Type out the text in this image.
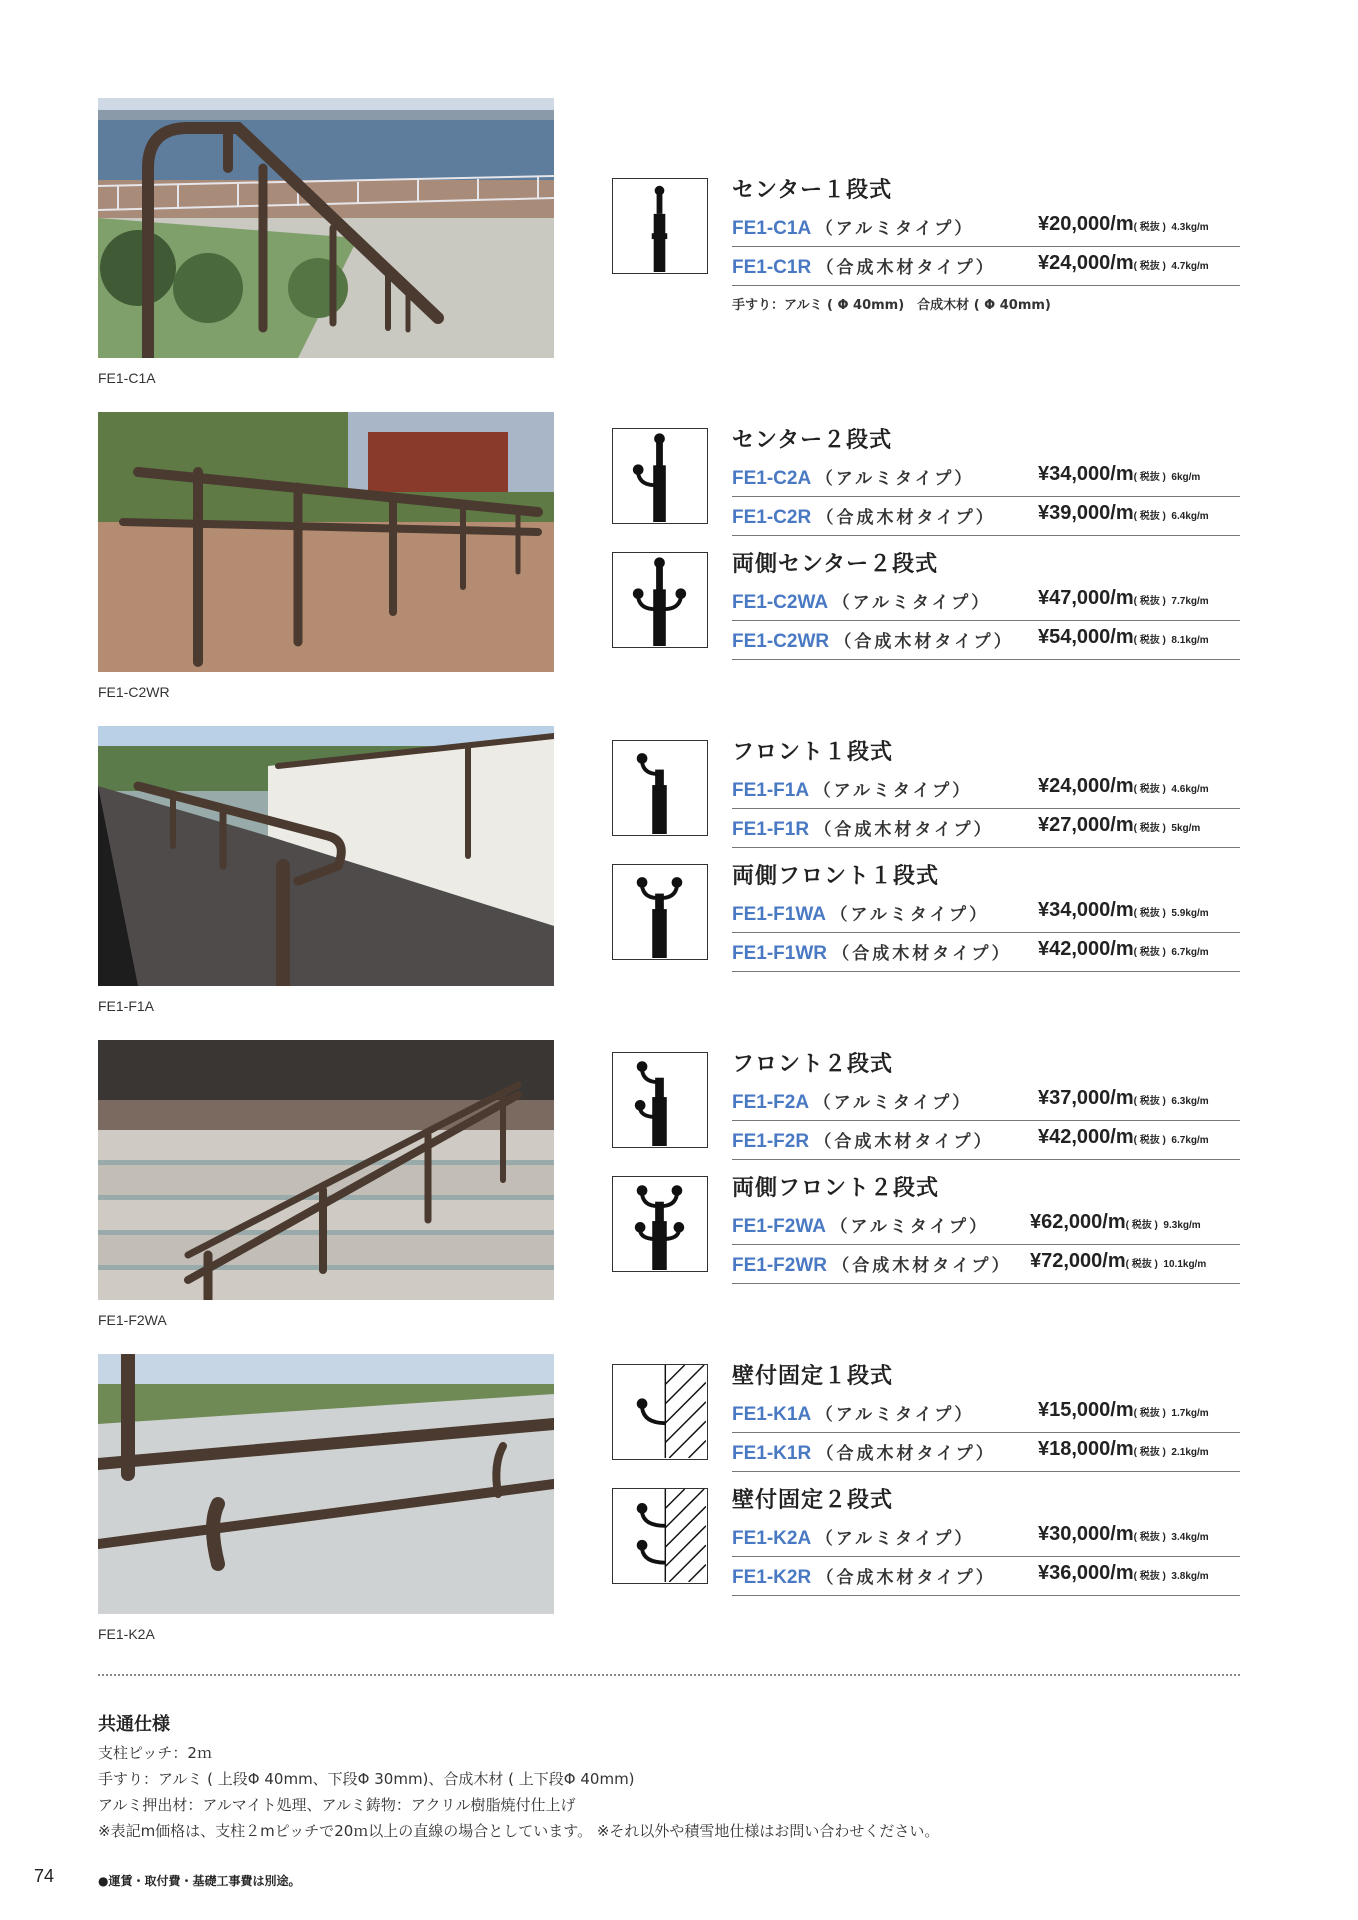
FE1-C1A
FE1-C2WR
FE1-F1A
FE1-F2WA
FE1-K2A
センター１段式
FE1-C1A （アルミタイプ）	¥20,000/m( 税抜 ) 4.3kg/m
FE1-C1R （合成木材タイプ） ¥24,000/m( 税抜 ) 4.7kg/m
手すり：アルミ ( Φ 40mm)　合成木材 ( Φ 40mm)
センター２段式
FE1-C2A （アルミタイプ）	¥34,000/m( 税抜 ) 6kg/m
FE1-C2R （合成木材タイプ） ¥39,000/m( 税抜 ) 6.4kg/m
両側センター２段式
FE1-C2WA （アルミタイプ） ¥47,000/m( 税抜 ) 7.7kg/m
FE1-C2WR （合成木材タイプ） ¥54,000/m( 税抜 ) 8.1kg/m
フロント１段式
FE1-F1A （アルミタイプ）	¥24,000/m( 税抜 ) 4.6kg/m
FE1-F1R （合成木材タイプ） ¥27,000/m( 税抜 ) 5kg/m
両側フロント１段式
FE1-F1WA （アルミタイプ） ¥34,000/m( 税抜 ) 5.9kg/m
FE1-F1WR （合成木材タイプ） ¥42,000/m( 税抜 ) 6.7kg/m
フロント２段式
FE1-F2A （アルミタイプ）	¥37,000/m( 税抜 ) 6.3kg/m
FE1-F2R （合成木材タイプ） ¥42,000/m( 税抜 ) 6.7kg/m
両側フロント２段式
FE1-F2WA （アルミタイプ） ¥62,000/m( 税抜 ) 9.3kg/m
FE1-F2WR （合成木材タイプ） ¥72,000/m( 税抜 ) 10.1kg/m
壁付固定１段式
FE1-K1A （アルミタイプ）	¥15,000/m( 税抜 ) 1.7kg/m
FE1-K1R （合成木材タイプ） ¥18,000/m( 税抜 ) 2.1kg/m
壁付固定２段式
FE1-K2A （アルミタイプ）	¥30,000/m( 税抜 ) 3.4kg/m
FE1-K2R （合成木材タイプ） ¥36,000/m( 税抜 ) 3.8kg/m
共通仕様
支柱ピッチ：2ｍ
手すり：アルミ ( 上段Φ 40mm、下段Φ 30mm)、合成木材 ( 上下段Φ 40mm)
アルミ押出材：アルマイト処理、アルミ鋳物：アクリル樹脂焼付仕上げ
※表記m価格は、支柱２mピッチで20ｍ以上の直線の場合としています。 ※それ以外や積雪地仕様はお問い合わせください。
74	●運賃・取付費・基礎工事費は別途。
